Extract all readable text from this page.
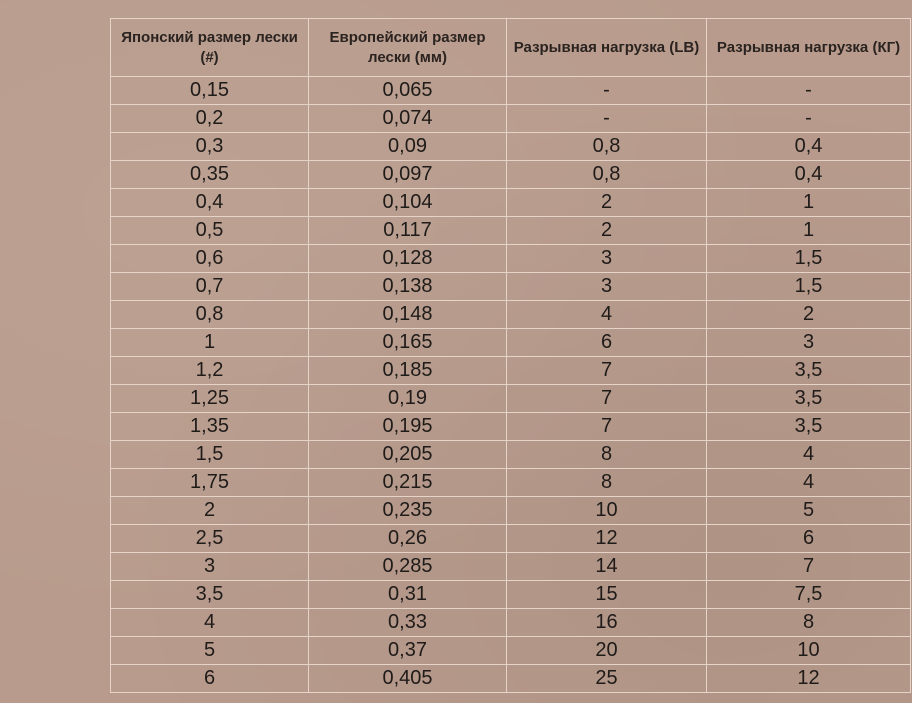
Японский размер лески (#)	Европейский размер лески (мм)	Разрывная нагрузка (LB)	Разрывная нагрузка (КГ)
0,15	0,065	-	-
0,2	0,074	-	-
0,3	0,09	0,8	0,4
0,35	0,097	0,8	0,4
0,4	0,104	2	1
0,5	0,117	2	1
0,6	0,128	3	1,5
0,7	0,138	3	1,5
0,8	0,148	4	2
1	0,165	6	3
1,2	0,185	7	3,5
1,25	0,19	7	3,5
1,35	0,195	7	3,5
1,5	0,205	8	4
1,75	0,215	8	4
2	0,235	10	5
2,5	0,26	12	6
3	0,285	14	7
3,5	0,31	15	7,5
4	0,33	16	8
5	0,37	20	10
6	0,405	25	12
